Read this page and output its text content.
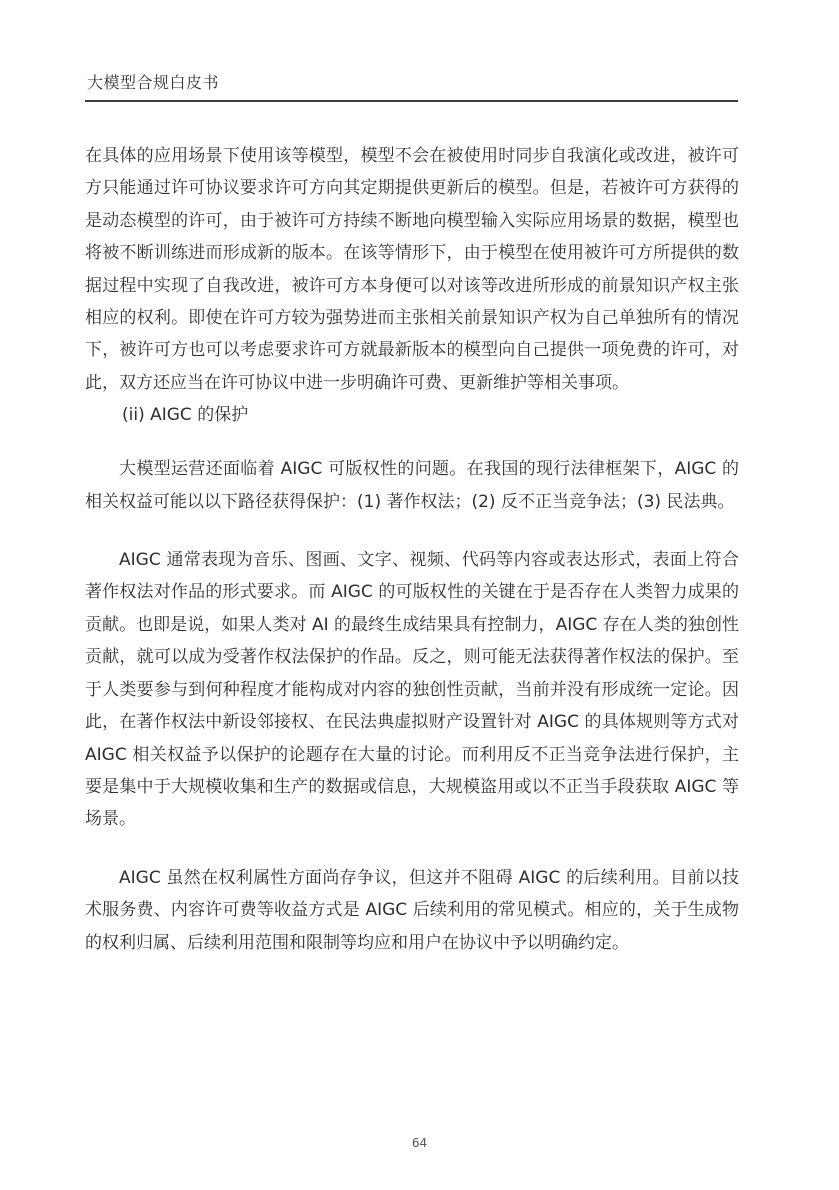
大模型合规白皮书

在具体的应用场景下使用该等模型，模型不会在被使用时同步自我演化或改进，被许可方只能通过许可协议要求许可方向其定期提供更新后的模型。但是，若被许可方获得的是动态模型的许可，由于被许可方持续不断地向模型输入实际应用场景的数据，模型也将被不断训练进而形成新的版本。在该等情形下，由于模型在使用被许可方所提供的数据过程中实现了自我改进，被许可方本身便可以对该等改进所形成的前景知识产权主张相应的权利。即使在许可方较为强势进而主张相关前景知识产权为自己单独所有的情况下，被许可方也可以考虑要求许可方就最新版本的模型向自己提供一项免费的许可，对此，双方还应当在许可协议中进一步明确许可费、更新维护等相关事项。

(ii) AIGC 的保护

大模型运营还面临着 AIGC 可版权性的问题。在我国的现行法律框架下，AIGC 的相关权益可能以以下路径获得保护：(1) 著作权法；(2) 反不正当竞争法；(3) 民法典。

AIGC 通常表现为音乐、图画、文字、视频、代码等内容或表达形式，表面上符合著作权法对作品的形式要求。而 AIGC 的可版权性的关键在于是否存在人类智力成果的贡献。也即是说，如果人类对 AI 的最终生成结果具有控制力，AIGC 存在人类的独创性贡献，就可以成为受著作权法保护的作品。反之，则可能无法获得著作权法的保护。至于人类要参与到何种程度才能构成对内容的独创性贡献，当前并没有形成统一定论。因此，在著作权法中新设邻接权、在民法典虚拟财产设置针对 AIGC 的具体规则等方式对 AIGC 相关权益予以保护的论题存在大量的讨论。而利用反不正当竞争法进行保护，主要是集中于大规模收集和生产的数据或信息，大规模盗用或以不正当手段获取 AIGC 等场景。

AIGC 虽然在权利属性方面尚存争议，但这并不阻碍 AIGC 的后续利用。目前以技术服务费、内容许可费等收益方式是 AIGC 后续利用的常见模式。相应的，关于生成物的权利归属、后续利用范围和限制等均应和用户在协议中予以明确约定。

64
